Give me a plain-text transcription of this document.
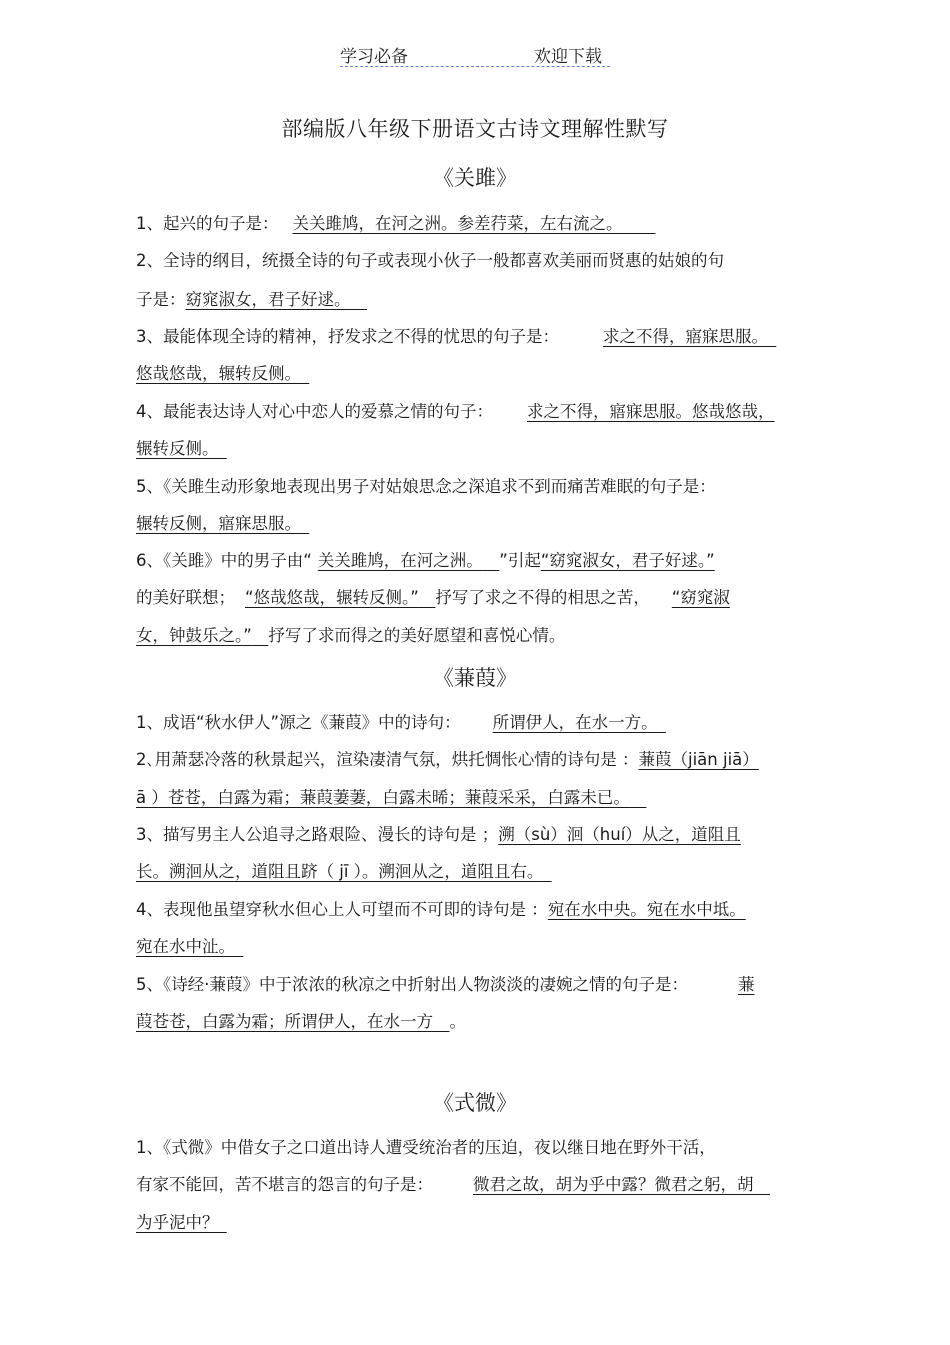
学习必备	欢迎下载
部编版八年级下册语文古诗文理解性默写
《关雎》
1、起兴的句子是： 关关雎鸠，在河之洲。参差荇菜，左右流之。  
2、全诗的纲目，统摄全诗的句子或表现小伙子一般都喜欢美丽而贤惠的姑娘的句
子是：窈窕淑女，君子好逑。 
3、最能体现全诗的精神，抒发求之不得的忧思的句子是：	求之不得，寤寐思服。 
悠哉悠哉，辗转反侧。 
4、最能表达诗人对心中恋人的爱慕之情的句子： 求之不得，寤寐思服。悠哉悠哉，
辗转反侧。 
5、《关雎生动形象地表现出男子对姑娘思念之深追求不到而痛苦难眠的句子是：
辗转反侧，寤寐思服。 
6、《关雎》中的男子由“ 关关雎鸠，在河之洲。  ”引起“窈窕淑女，君子好逑。”
的美好联想； “悠哉悠哉，辗转反侧。”  抒写了求之不得的相思之苦， “窈窕淑
女，钟鼓乐之。”  抒写了求而得之的美好愿望和喜悦心情。
《蒹葭》
1、成语“秋水伊人”源之《蒹葭》中的诗句： 所谓伊人，在水一方。 
2､用萧瑟冷落的秋景起兴，渲染凄清气氛，烘托惆怅心情的诗句是 ：蒹葭（jiān jiā）
ā ）苍苍，白露为霜；蒹葭萋萋，白露未晞；蒹葭采采，白露未已。 
3、描写男主人公追寻之路艰险、漫长的诗句是 ；溯（sù）洄（huí）从之，道阻且
长。溯洄从之，道阻且跻（ jī ）。溯洄从之，道阻且右。 
4、表现他虽望穿秋水但心上人可望而不可即的诗句是 ：宛在水中央。宛在水中坻。
宛在水中沚。 
5、《诗经·蒹葭》中于浓浓的秋凉之中折射出人物淡淡的凄婉之情的句子是：	蒹
葭苍苍，白露为霜；所谓伊人，在水一方  。
《式微》
1、《式微》中借女子之口道出诗人遭受统治者的压迫，夜以继日地在野外干活，
有家不能回，苦不堪言的怨言的句子是： 微君之故，胡为乎中露？微君之躬，胡 
为乎泥中？ 
